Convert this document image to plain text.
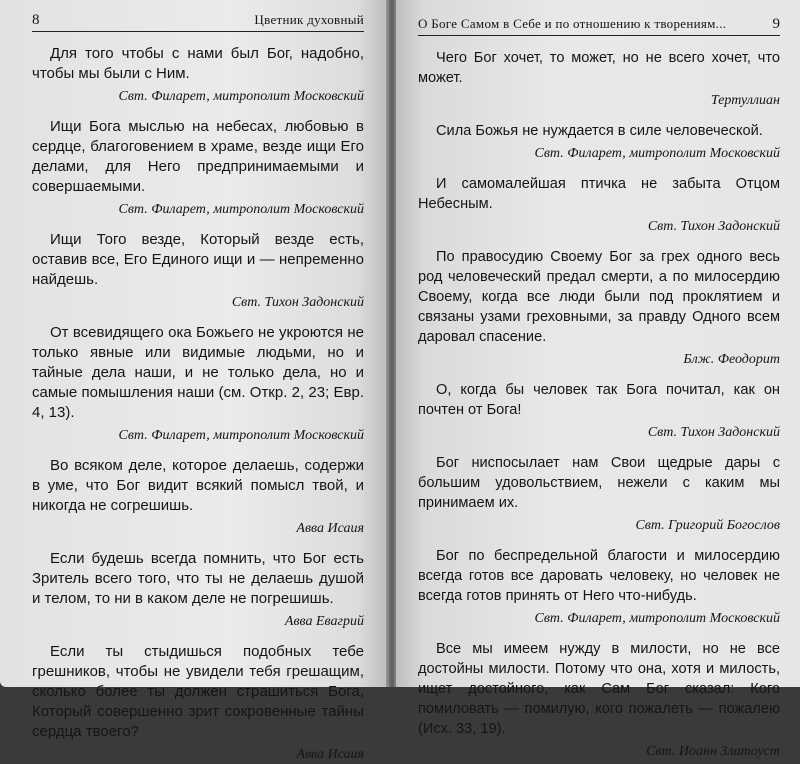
8	Цветник духовный

Для того чтобы с нами был Бог, надобно, чтобы мы были с Ним.

Свт. Филарет, митрополит Московский

Ищи Бога мыслью на небесах, любовью в сердце, благоговением в храме, везде ищи Его делами, для Него предпринимаемыми и совершаемыми.

Свт. Филарет, митрополит Московский

Ищи Того везде, Который везде есть, оставив все, Его Единого ищи и — непременно найдешь.

Свт. Тихон Задонский

От всевидящего ока Божьего не укроются не только явные или видимые людьми, но и тайные дела наши, и не только дела, но и самые помышления наши (см. Откр. 2, 23; Евр. 4, 13).

Свт. Филарет, митрополит Московский

Во всяком деле, которое делаешь, содержи в уме, что Бог видит всякий помысл твой, и никогда не согрешишь.

Авва Исаия

Если будешь всегда помнить, что Бог есть Зритель всего того, что ты не делаешь душой и телом, то ни в каком деле не погрешишь.

Авва Евагрий

Если ты стыдишься подобных тебе грешников, чтобы не увидели тебя грешащим, сколько более ты должен страшиться Бога, Который совершенно зрит сокровенные тайны сердца твоего?

Авва Исаия
О Боге Самом в Себе и по отношению к творениям...	9

Чего Бог хочет, то может, но не всего хочет, что может.

Тертуллиан

Сила Божья не нуждается в силе человеческой.

Свт. Филарет, митрополит Московский

И самомалейшая птичка не забыта Отцом Небесным.

Свт. Тихон Задонский

По правосудию Своему Бог за грех одного весь род человеческий предал смерти, а по милосердию Своему, когда все люди были под проклятием и связаны узами греховными, за правду Одного всем даровал спасение.

Блж. Феодорит

О, когда бы человек так Бога почитал, как он почтен от Бога!

Свт. Тихон Задонский

Бог ниспосылает нам Свои щедрые дары с большим удовольствием, нежели с каким мы принимаем их.

Свт. Григорий Богослов

Бог по беспредельной благости и милосердию всегда готов все даровать человеку, но человек не всегда готов принять от Него что-нибудь.

Свт. Филарет, митрополит Московский

Все мы имеем нужду в милости, но не все достойны милости. Потому что она, хотя и милость, ищет достойного, как Сам Бог сказал: Кого помиловать — помилую, кого пожалеть — пожалею (Исх. 33, 19).

Свт. Иоанн Златоуст
